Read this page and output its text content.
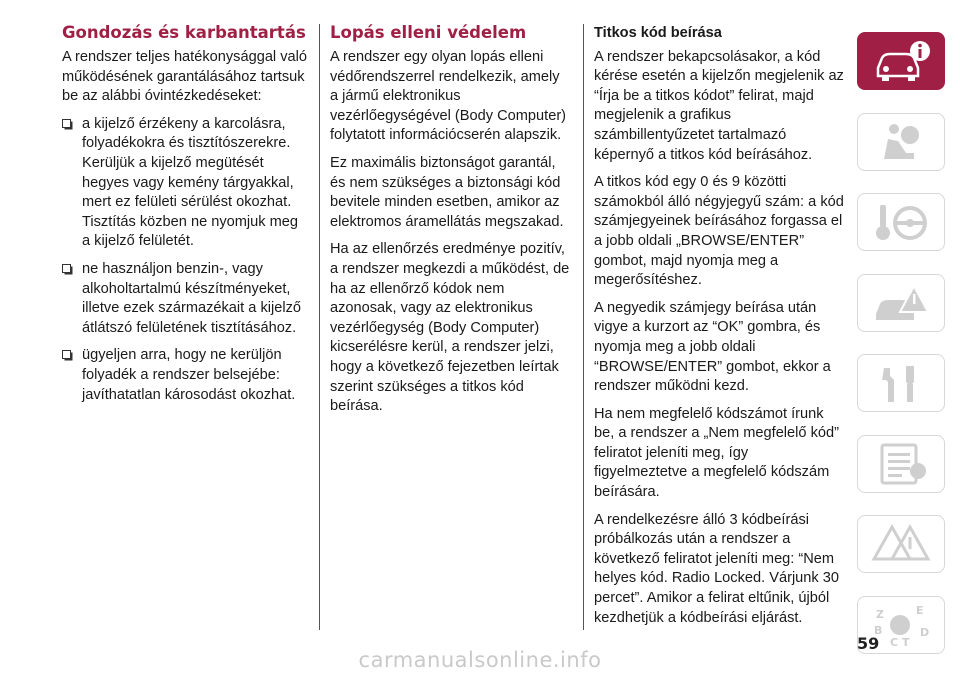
Gondozás és karbantartás

A rendszer teljes hatékonysággal való működésének garantálásához tartsuk be az alábbi óvintézkedéseket:

a kijelző érzékeny a karcolásra, folyadékokra és tisztítószerekre. Kerüljük a kijelző megütését hegyes vagy kemény tárgyakkal, mert ez felületi sérülést okozhat. Tisztítás közben ne nyomjuk meg a kijelző felületét.
ne használjon benzin-, vagy alkoholtartalmú készítményeket, illetve ezek származékait a kijelző átlátszó felületének tisztításához.
ügyeljen arra, hogy ne kerüljön folyadék a rendszer belsejébe: javíthatatlan károsodást okozhat.
Lopás elleni védelem

A rendszer egy olyan lopás elleni védőrendszerrel rendelkezik, amely a jármű elektronikus vezérlőegységével (Body Computer) folytatott információcserén alapszik.

Ez maximális biztonságot garantál, és nem szükséges a biztonsági kód bevitele minden esetben, amikor az elektromos áramellátás megszakad.

Ha az ellenőrzés eredménye pozitív, a rendszer megkezdi a működést, de ha az ellenőrző kódok nem azonosak, vagy az elektronikus vezérlőegység (Body Computer) kicserélésre kerül, a rendszer jelzi, hogy a következő fejezetben leírtak szerint szükséges a titkos kód beírása.

Titkos kód beírása

A rendszer bekapcsolásakor, a kód kérése esetén a kijelzőn megjelenik az “Írja be a titkos kódot” felirat, majd megjelenik a grafikus számbillentyűzetet tartalmazó képernyő a titkos kód beírásához.

A titkos kód egy 0 és 9 közötti számokból álló négyjegyű szám: a kód számjegyeinek beírásához forgassa el a jobb oldali „BROWSE/ENTER” gombot, majd nyomja meg a megerősítéshez.

A negyedik számjegy beírása után vigye a kurzort az “OK” gombra, és nyomja meg a jobb oldali “BROWSE/ENTER” gombot, ekkor a rendszer működni kezd.

Ha nem megfelelő kódszámot írunk be, a rendszer a „Nem megfelelő kód” feliratot jeleníti meg, így figyelmeztetve a megfelelő kódszám beírására.

A rendelkezésre álló 3 kódbeírási próbálkozás után a rendszer a következő feliratot jeleníti meg: “Nem helyes kód. Radio Locked. Várjunk 30 percet”. Amikor a felirat eltűnik, újból kezdhetjük a kódbeírási eljárást.	Z	E
B	D
C T
59
carmanualsonline.info
